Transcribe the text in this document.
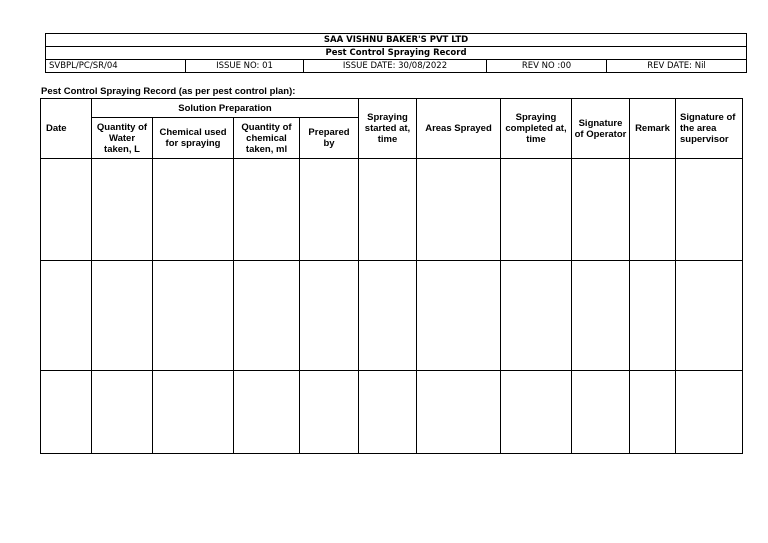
SAA VISHNU BAKER'S PVT LTD
Pest Control Spraying Record
SVBPL/PC/SR/04	ISSUE NO: 01	ISSUE DATE: 30/08/2022	REV NO :00	REV DATE: Nil
Pest Control Spraying Record (as per pest control plan):
Date	Solution Preparation				Spraying started at, time	Areas Sprayed	Spraying completed at, time	Signature of Operator	Remark	Signature of the area supervisor
	Quantity of Water taken, L	Chemical used for spraying	Quantity of chemical taken, ml	Prepared by						
